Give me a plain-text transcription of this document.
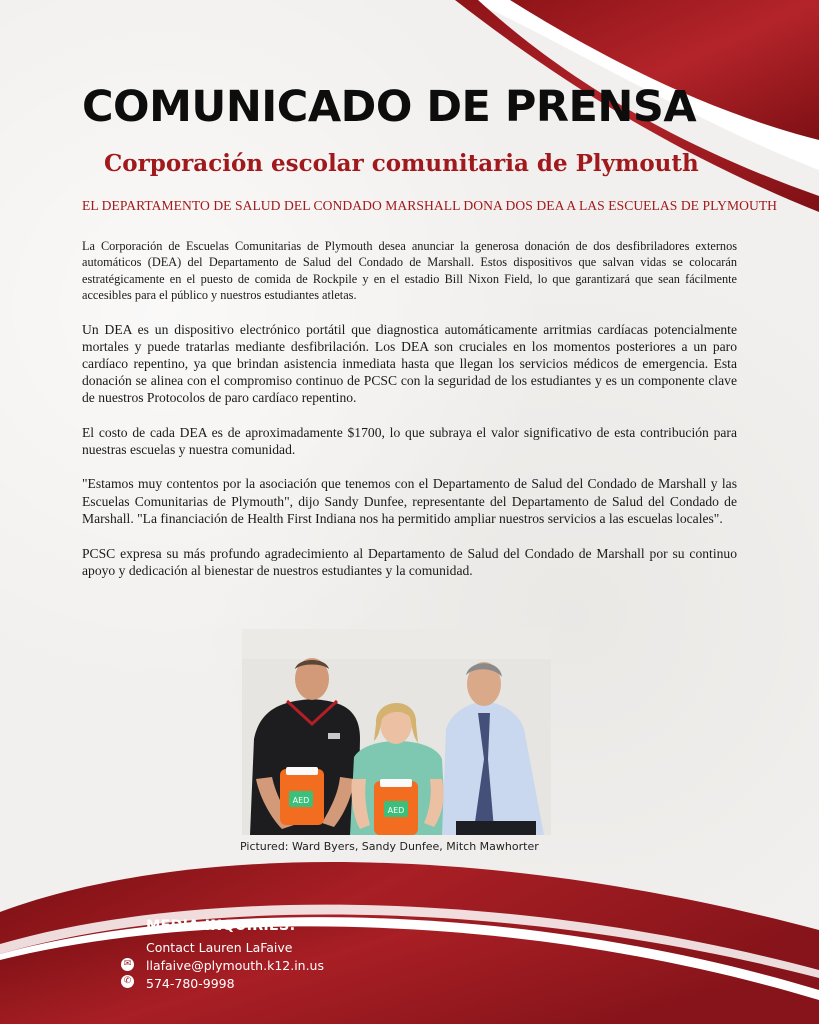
COMUNICADO DE PRENSA
Corporación escolar comunitaria de Plymouth

EL DEPARTAMENTO DE SALUD DEL CONDADO MARSHALL DONA DOS DEA A LAS ESCUELAS DE PLYMOUTH

La Corporación de Escuelas Comunitarias de Plymouth desea anunciar la generosa donación de dos desfibriladores externos automáticos (DEA) del Departamento de Salud del Condado de Marshall. Estos dispositivos que salvan vidas se colocarán estratégicamente en el puesto de comida de Rockpile y en el estadio Bill Nixon Field, lo que garantizará que sean fácilmente accesibles para el público y nuestros estudiantes atletas.

Un DEA es un dispositivo electrónico portátil que diagnostica automáticamente arritmias cardíacas potencialmente mortales y puede tratarlas mediante desfibrilación. Los DEA son cruciales en los momentos posteriores a un paro cardíaco repentino, ya que brindan asistencia inmediata hasta que llegan los servicios médicos de emergencia. Esta donación se alinea con el compromiso continuo de PCSC con la seguridad de los estudiantes y es un componente clave de nuestros Protocolos de paro cardíaco repentino.

El costo de cada DEA es de aproximadamente $1700, lo que subraya el valor significativo de esta contribución para nuestras escuelas y nuestra comunidad.

"Estamos muy contentos por la asociación que tenemos con el Departamento de Salud del Condado de Marshall y las Escuelas Comunitarias de Plymouth", dijo Sandy Dunfee, representante del Departamento de Salud del Condado de Marshall. "La financiación de Health First Indiana nos ha permitido ampliar nuestros servicios a las escuelas locales".

PCSC expresa su más profundo agradecimiento al Departamento de Salud del Condado de Marshall por su continuo apoyo y dedicación al bienestar de nuestros estudiantes y la comunidad.

AED
AED

Pictured: Ward Byers, Sandy Dunfee, Mitch Mawhorter

MEDIA INQUIRIES:

Contact Lauren LaFaive

llafaive@plymouth.k12.in.us

574-780-9998

✉
✆
